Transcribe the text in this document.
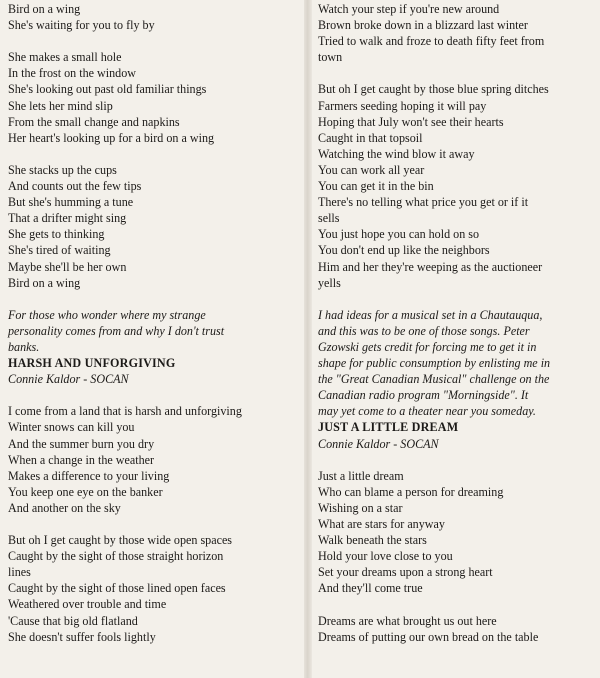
Bird on a wing
She's waiting for you to fly by
She makes a small hole
In the frost on the window
She's looking out past old familiar things
She lets her mind slip
From the small change and napkins
Her heart's looking up for a bird on a wing
She stacks up the cups
And counts out the few tips
But she's humming a tune
That a drifter might sing
She gets to thinking
She's tired of waiting
Maybe she'll be her own
Bird on a wing
For those who wonder where my strange
personality comes from and why I don't trust
banks.
HARSH AND UNFORGIVING
Connie Kaldor - SOCAN
I come from a land that is harsh and unforgiving
Winter snows can kill you
And the summer burn you dry
When a change in the weather
Makes a difference to your living
You keep one eye on the banker
And another on the sky
But oh I get caught by those wide open spaces
Caught by the sight of those straight horizon
lines
Caught by the sight of those lined open faces
Weathered over trouble and time
'Cause that big old flatland
She doesn't suffer fools lightly
Watch your step if you're new around
Brown broke down in a blizzard last winter
Tried to walk and froze to death fifty feet from
town
But oh I get caught by those blue spring ditches
Farmers seeding hoping it will pay
Hoping that July won't see their hearts
Caught in that topsoil
Watching the wind blow it away
You can work all year
You can get it in the bin
There's no telling what price you get or if it
sells
You just hope you can hold on so
You don't end up like the neighbors
Him and her they're weeping as the auctioneer
yells
I had ideas for a musical set in a Chautauqua,
and this was to be one of those songs. Peter
Gzowski gets credit for forcing me to get it in
shape for public consumption by enlisting me in
the "Great Canadian Musical" challenge on the
Canadian radio program "Morningside". It
may yet come to a theater near you someday.
JUST A LITTLE DREAM
Connie Kaldor - SOCAN
Just a little dream
Who can blame a person for dreaming
Wishing on a star
What are stars for anyway
Walk beneath the stars
Hold your love close to you
Set your dreams upon a strong heart
And they'll come true
Dreams are what brought us out here
Dreams of putting our own bread on the table
